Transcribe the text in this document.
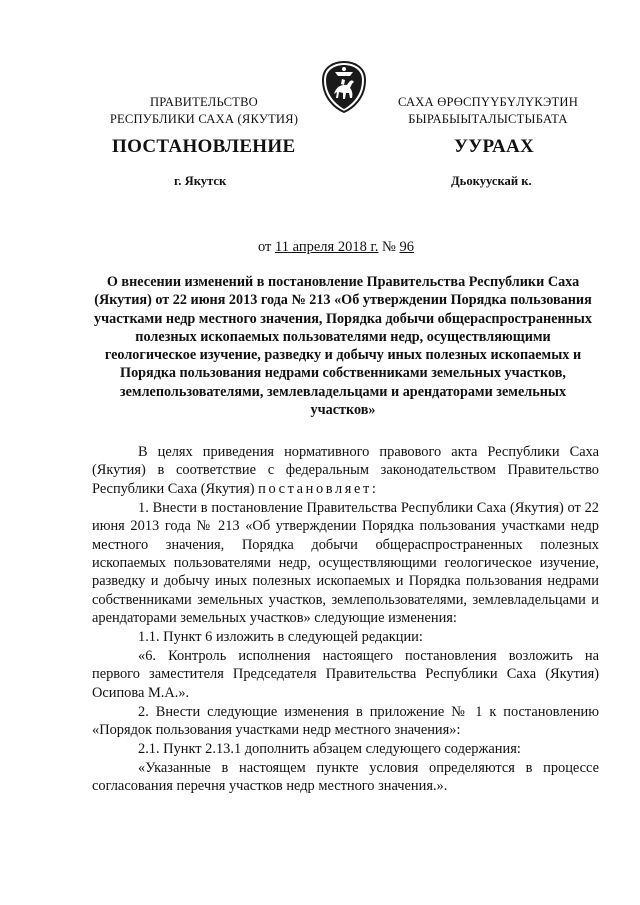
ПРАВИТЕЛЬСТВО
РЕСПУБЛИКИ САХА (ЯКУТИЯ)
САХА ӨРӨСПҮҮБҮЛҮКЭТИН
БЫРАБЫЫТАЛЫСТЫБАТА
ПОСТАНОВЛЕНИЕ	УУРААХ
г. Якутск	Дьокуускай к.
от 11 апреля 2018 г. № 96
О внесении изменений в постановление Правительства Республики Саха (Якутия) от 22 июня 2013 года № 213 «Об утверждении Порядка пользования участками недр местного значения, Порядка добычи общераспространенных полезных ископаемых пользователями недр, осуществляющими геологическое изучение, разведку и добычу иных полезных ископаемых и Порядка пользования недрами собственниками земельных участков, землепользователями, землевладельцами и арендаторами земельных участков»

В целях приведения нормативного правового акта Республики Саха (Якутия) в соответствие с федеральным законодательством Правительство Республики Саха (Якутия) постановляет:

1. Внести в постановление Правительства Республики Саха (Якутия) от 22 июня 2013 года № 213 «Об утверждении Порядка пользования участками недр местного значения, Порядка добычи общераспространенных полезных ископаемых пользователями недр, осуществляющими геологическое изучение, разведку и добычу иных полезных ископаемых и Порядка пользования недрами собственниками земельных участков, землепользователями, землевладельцами и арендаторами земельных участков» следующие изменения:

1.1. Пункт 6 изложить в следующей редакции:

«6. Контроль исполнения настоящего постановления возложить на первого заместителя Председателя Правительства Республики Саха (Якутия) Осипова М.А.».

2. Внести следующие изменения в приложение № 1 к постановлению «Порядок пользования участками недр местного значения»:

2.1. Пункт 2.13.1 дополнить абзацем следующего содержания:

«Указанные в настоящем пункте условия определяются в процессе согласования перечня участков недр местного значения.».
